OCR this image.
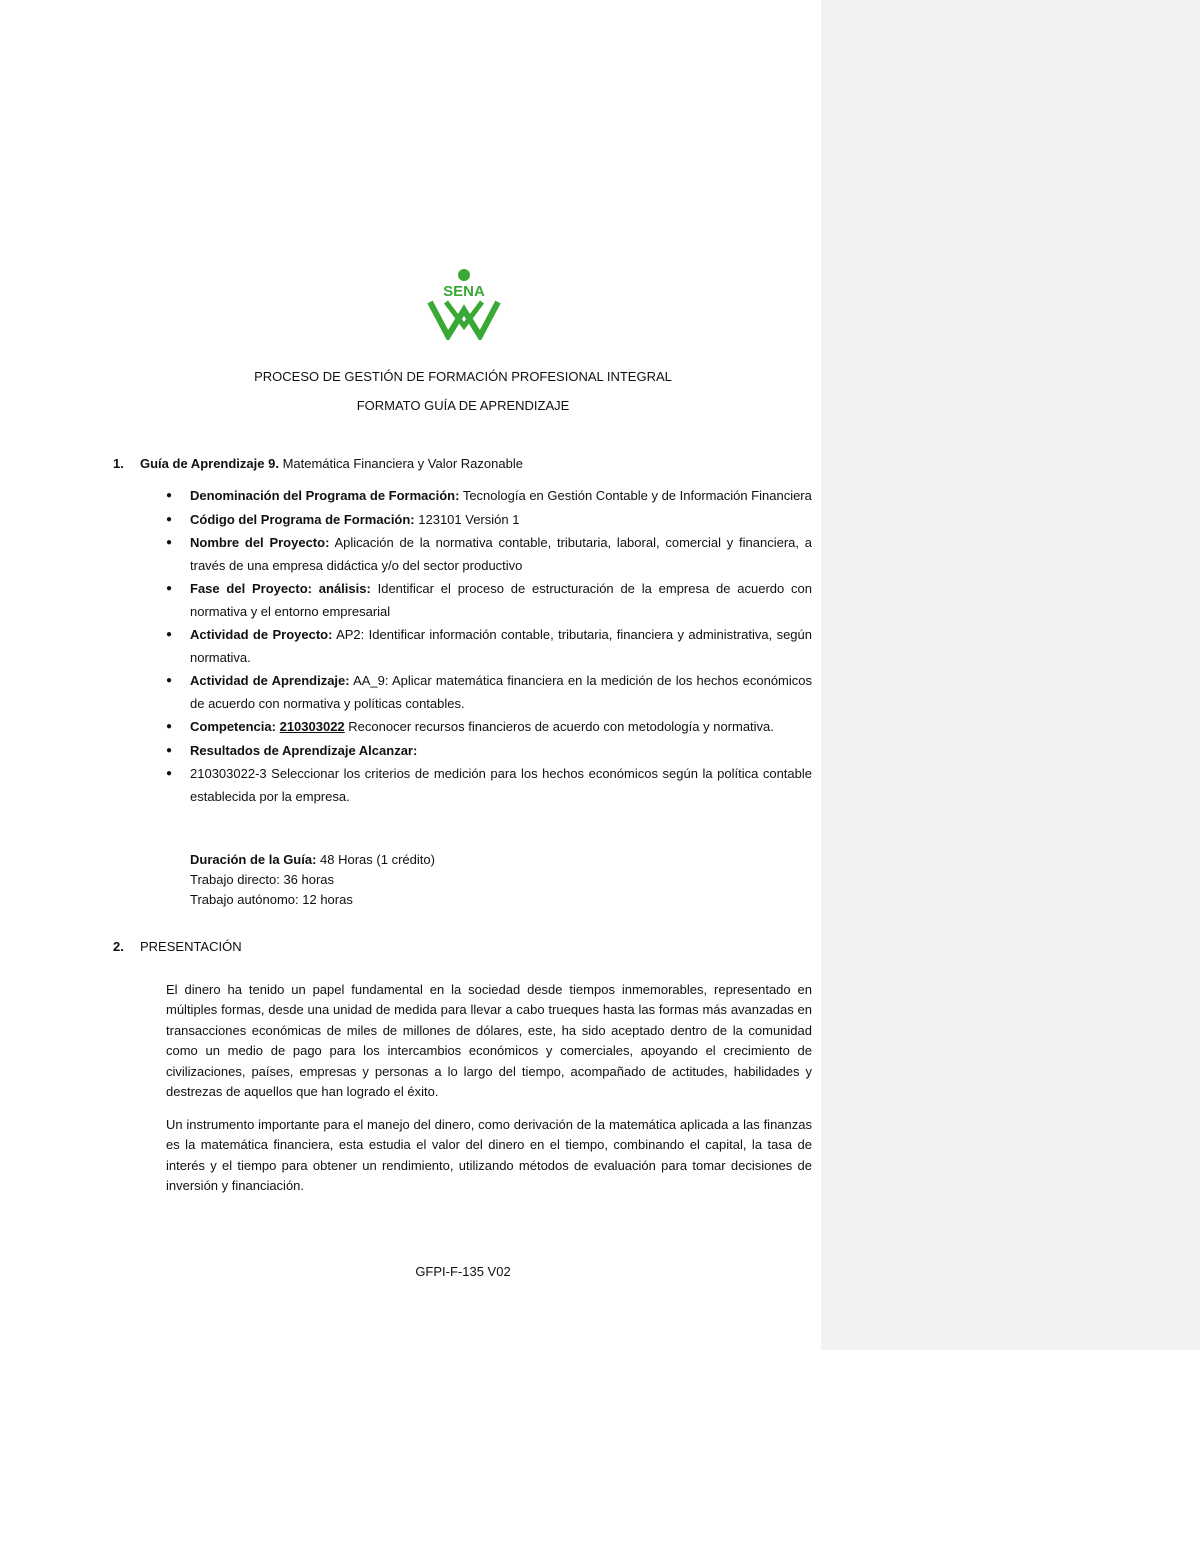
SENA
PROCESO DE GESTIÓN DE FORMACIÓN PROFESIONAL INTEGRAL
FORMATO GUÍA DE APRENDIZAJE
1. Guía de Aprendizaje 9. Matemática Financiera y Valor Razonable
● Denominación del Programa de Formación: Tecnología en Gestión Contable y de Información Financiera
● Código del Programa de Formación: 123101 Versión 1
● Nombre del Proyecto: Aplicación de la normativa contable, tributaria, laboral, comercial y financiera, a través de una empresa didáctica y/o del sector productivo
● Fase del Proyecto: análisis: Identificar el proceso de estructuración de la empresa de acuerdo con normativa y el entorno empresarial
● Actividad de Proyecto: AP2: Identificar información contable, tributaria, financiera y administrativa, según normativa.
● Actividad de Aprendizaje: AA_9: Aplicar matemática financiera en la medición de los hechos económicos de acuerdo con normativa y políticas contables.
● Competencia: 210303022 Reconocer recursos financieros de acuerdo con metodología y normativa.
● Resultados de Aprendizaje Alcanzar:
● 210303022-3 Seleccionar los criterios de medición para los hechos económicos según la política contable establecida por la empresa.
Duración de la Guía: 48 Horas (1 crédito)
Trabajo directo: 36 horas
Trabajo autónomo: 12 horas
2. PRESENTACIÓN

El dinero ha tenido un papel fundamental en la sociedad desde tiempos inmemorables, representado en múltiples formas, desde una unidad de medida para llevar a cabo trueques hasta las formas más avanzadas en transacciones económicas de miles de millones de dólares, este, ha sido aceptado dentro de la comunidad como un medio de pago para los intercambios económicos y comerciales, apoyando el crecimiento de civilizaciones, países, empresas y personas a lo largo del tiempo, acompañado de actitudes, habilidades y destrezas de aquellos que han logrado el éxito.

Un instrumento importante para el manejo del dinero, como derivación de la matemática aplicada a las finanzas es la matemática financiera, esta estudia el valor del dinero en el tiempo, combinando el capital, la tasa de interés y el tiempo para obtener un rendimiento, utilizando métodos de evaluación para tomar decisiones de inversión y financiación.

GFPI-F-135 V02
